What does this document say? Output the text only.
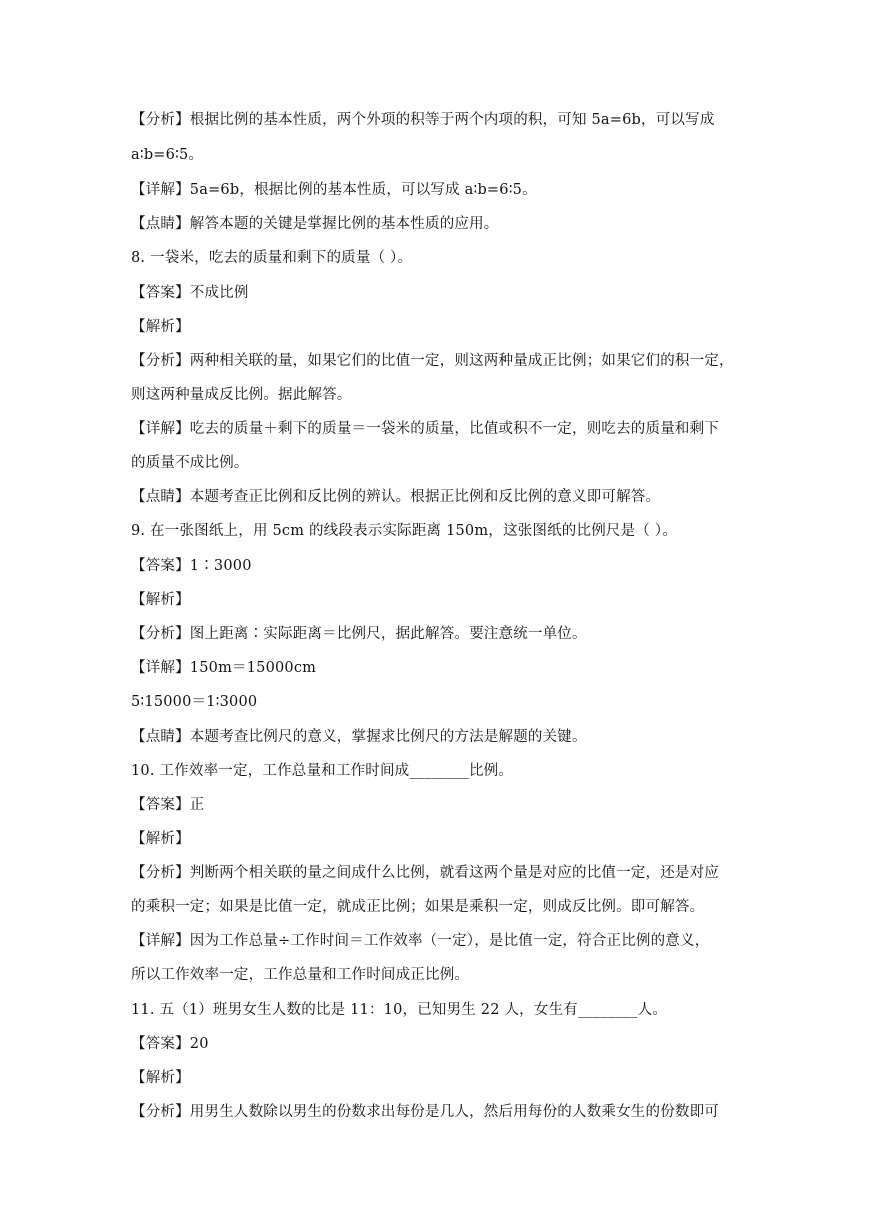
【分析】根据比例的基本性质，两个外项的积等于两个内项的积，可知 5a=6b，可以写成
a∶b=6∶5。
【详解】5a=6b，根据比例的基本性质，可以写成 a∶b=6∶5。
【点睛】解答本题的关键是掌握比例的基本性质的应用。
8. 一袋米，吃去的质量和剩下的质量（ ）。
【答案】不成比例
【解析】
【分析】两种相关联的量，如果它们的比值一定，则这两种量成正比例；如果它们的积一定，
则这两种量成反比例。据此解答。
【详解】吃去的质量＋剩下的质量＝一袋米的质量，比值或积不一定，则吃去的质量和剩下
的质量不成比例。
【点睛】本题考查正比例和反比例的辨认。根据正比例和反比例的意义即可解答。
9. 在一张图纸上，用 5cm 的线段表示实际距离 150m，这张图纸的比例尺是（ ）。
【答案】1∶3000
【解析】
【分析】图上距离∶实际距离＝比例尺，据此解答。要注意统一单位。
【详解】150m＝15000cm
5∶15000＝1∶3000
【点睛】本题考查比例尺的意义，掌握求比例尺的方法是解题的关键。
10. 工作效率一定，工作总量和工作时间成________比例。
【答案】正
【解析】
【分析】判断两个相关联的量之间成什么比例，就看这两个量是对应的比值一定，还是对应
的乘积一定；如果是比值一定，就成正比例；如果是乘积一定，则成反比例。即可解答。
【详解】因为工作总量÷工作时间＝工作效率（一定），是比值一定，符合正比例的意义，
所以工作效率一定，工作总量和工作时间成正比例。
11. 五（1）班男女生人数的比是 11：10，已知男生 22 人，女生有________人。
【答案】20
【解析】
【分析】用男生人数除以男生的份数求出每份是几人，然后用每份的人数乘女生的份数即可
